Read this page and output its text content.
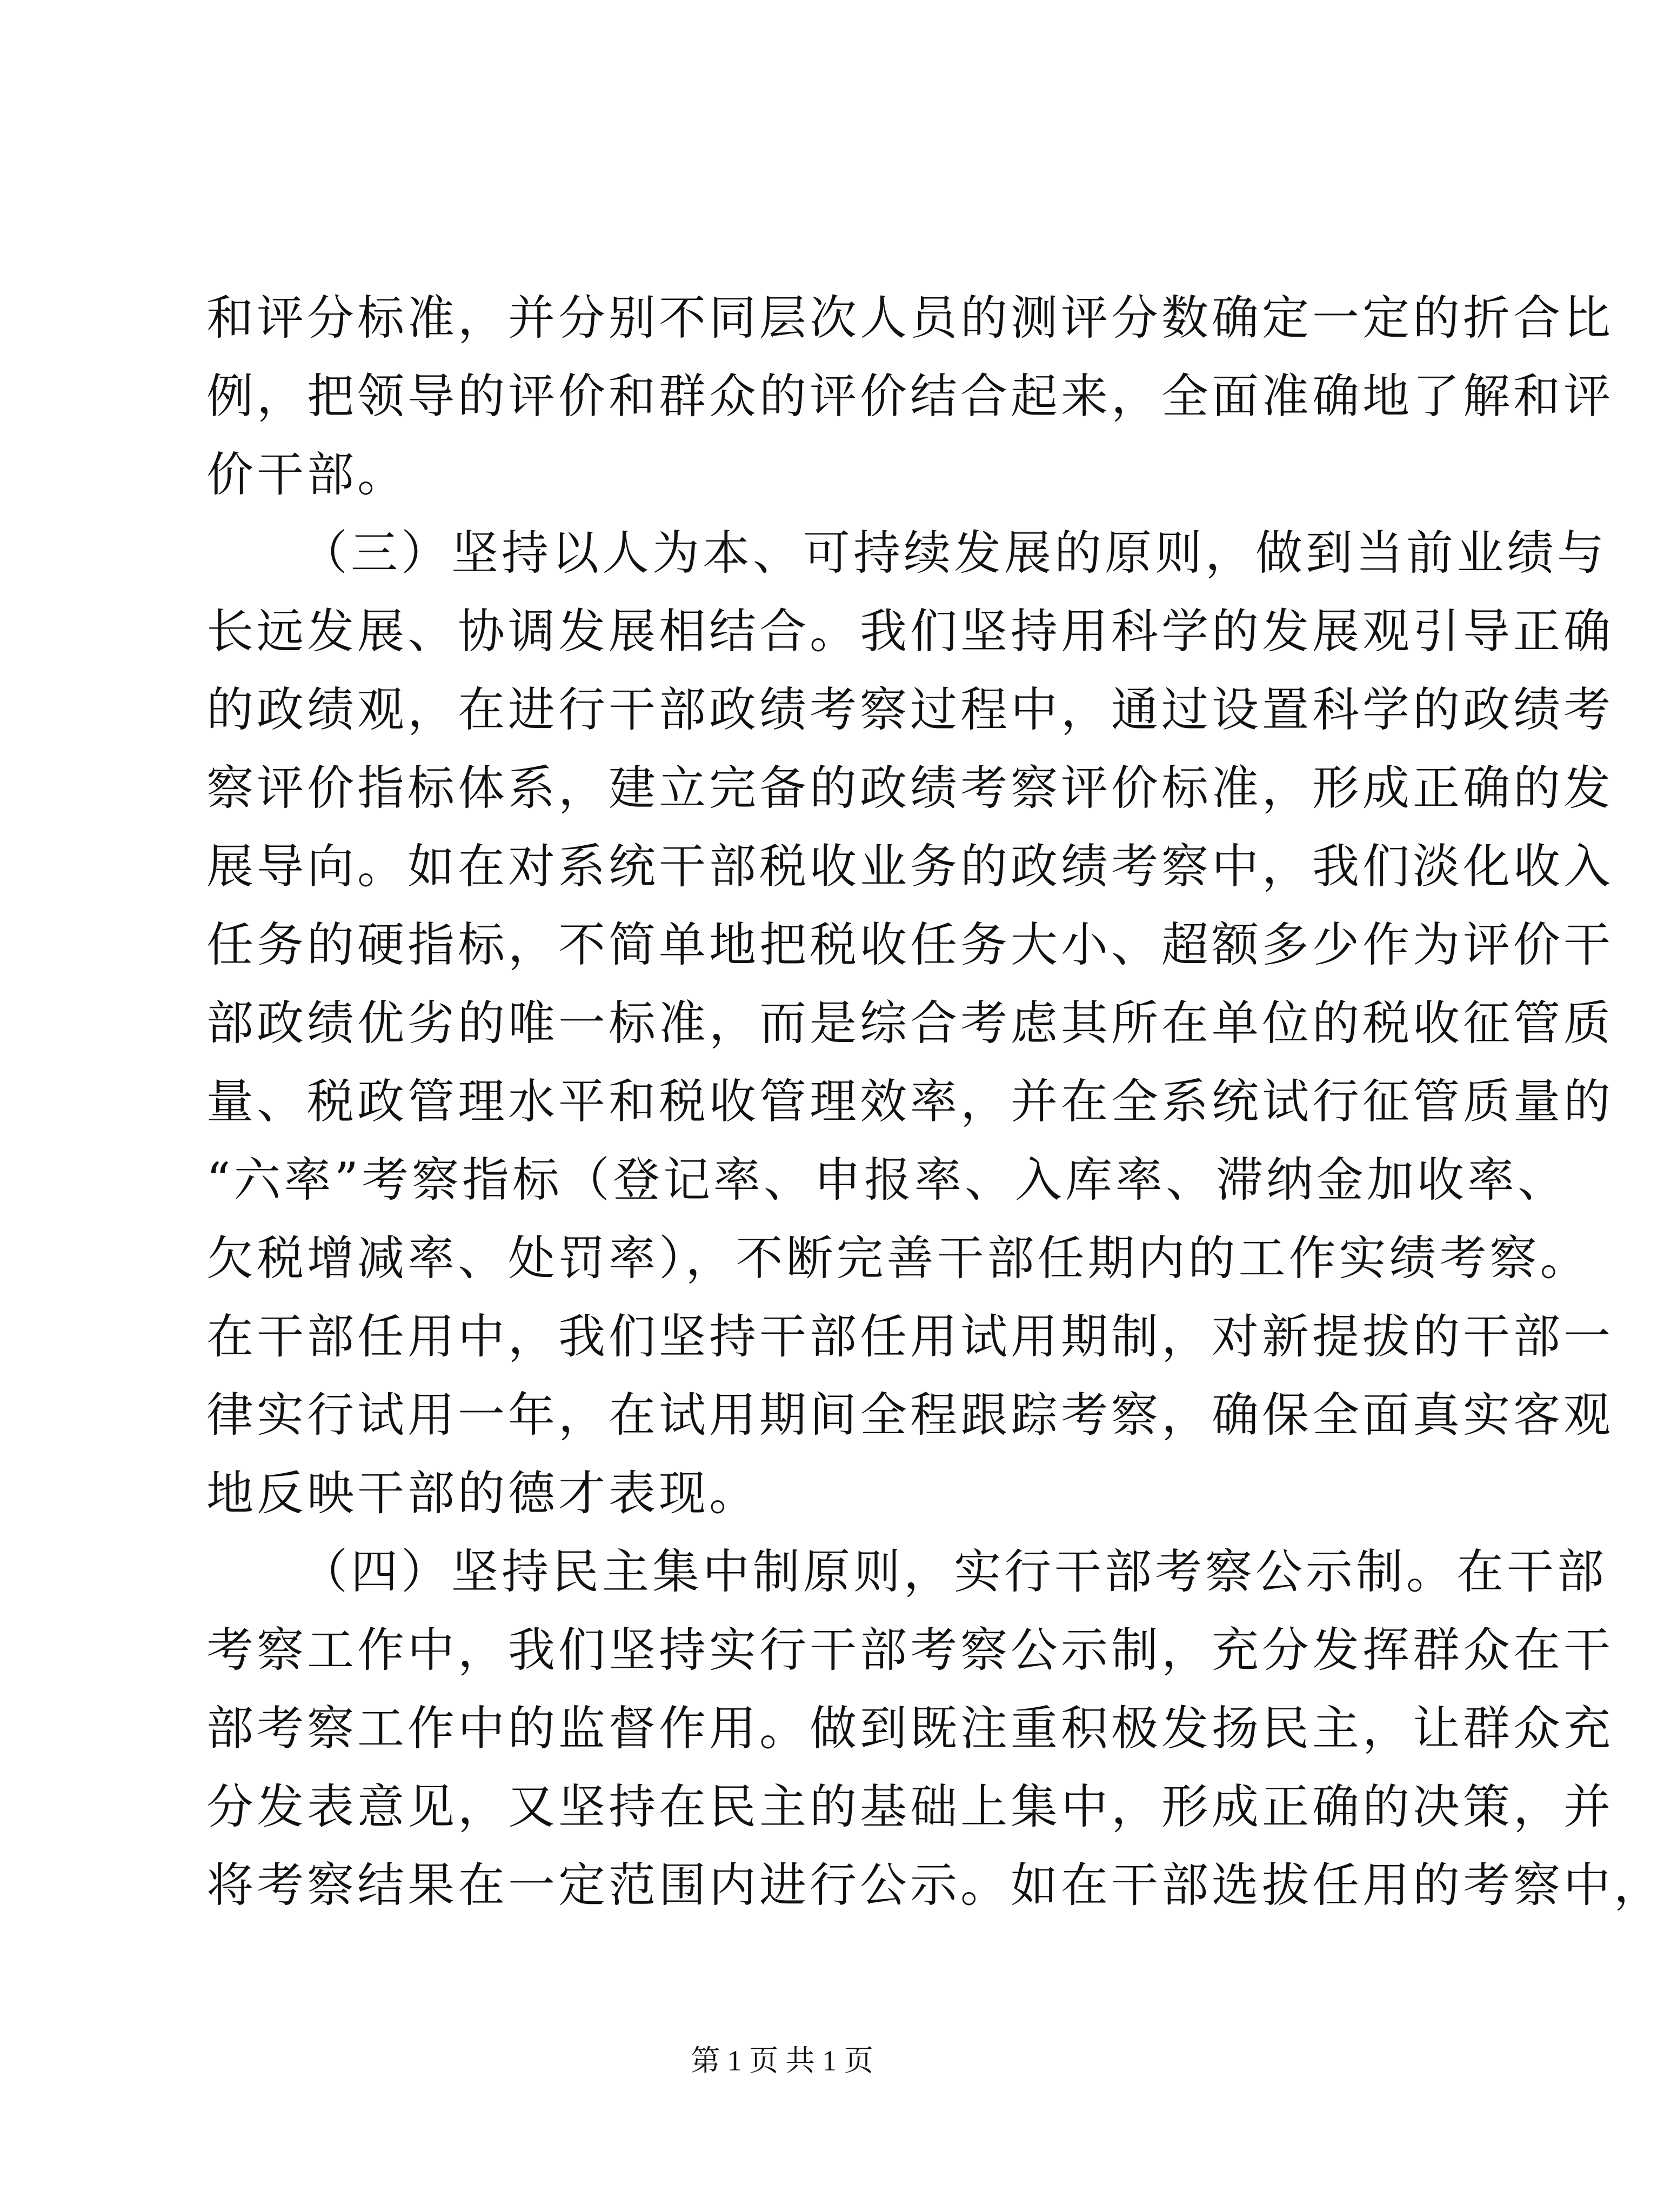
和评分标准，并分别不同层次人员的测评分数确定一定的折合比
例，把领导的评价和群众的评价结合起来，全面准确地了解和评
价干部。
（三）坚持以人为本、可持续发展的原则，做到当前业绩与
长远发展、协调发展相结合。我们坚持用科学的发展观引导正确
的政绩观，在进行干部政绩考察过程中，通过设置科学的政绩考
察评价指标体系，建立完备的政绩考察评价标准，形成正确的发
展导向。如在对系统干部税收业务的政绩考察中，我们淡化收入
任务的硬指标，不简单地把税收任务大小、超额多少作为评价干
部政绩优劣的唯一标准，而是综合考虑其所在单位的税收征管质
量、税政管理水平和税收管理效率，并在全系统试行征管质量的
“六率”考察指标（登记率、申报率、入库率、滞纳金加收率、
欠税增减率、处罚率），不断完善干部任期内的工作实绩考察。
在干部任用中，我们坚持干部任用试用期制，对新提拔的干部一
律实行试用一年，在试用期间全程跟踪考察，确保全面真实客观
地反映干部的德才表现。
（四）坚持民主集中制原则，实行干部考察公示制。在干部
考察工作中，我们坚持实行干部考察公示制，充分发挥群众在干
部考察工作中的监督作用。做到既注重积极发扬民主，让群众充
分发表意见，又坚持在民主的基础上集中，形成正确的决策，并
将考察结果在一定范围内进行公示。如在干部选拔任用的考察中，
第 1 页 共 1 页
